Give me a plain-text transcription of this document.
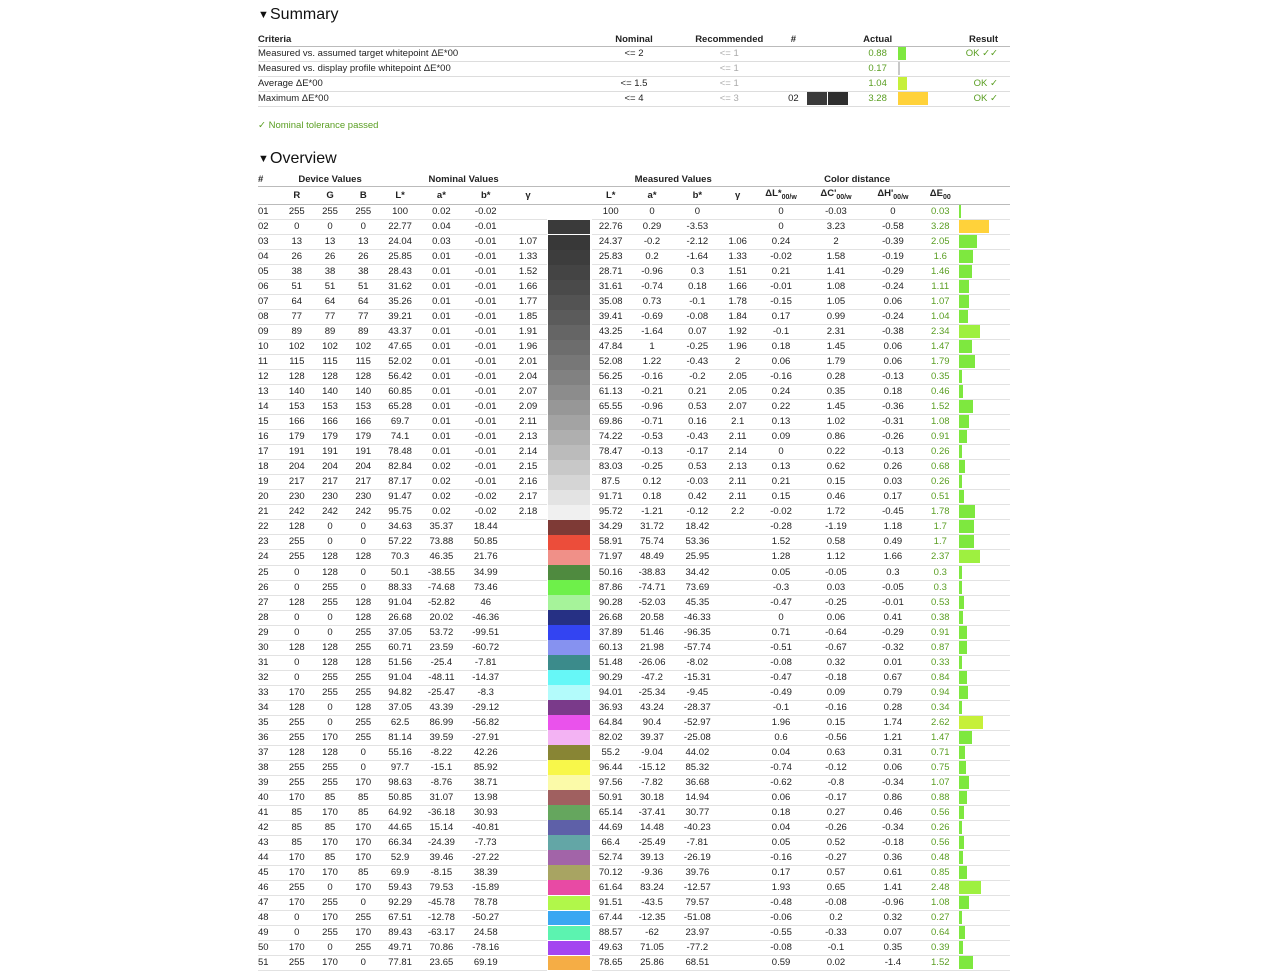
▼Summary
Criteria	Nominal	Recommended	#		Actual		Result
Measured vs. assumed target whitepoint ΔE*00	<= 2	<= 1			0.88		OK ✓✓
Measured vs. display profile whitepoint ΔE*00		<= 1			0.17		
Average ΔE*00	<= 1.5	<= 1			1.04		OK ✓
Maximum ΔE*00	<= 4	<= 3	02		3.28		OK ✓
✓ Nominal tolerance passed
▼Overview
#	Device Values			Nominal Values					Measured Values				Color distance				
	R	G	B	L*	a*	b*	γ		L*	a*	b*	γ	$\Delta L*_{00/w}$	$\Delta C'_{00/w}$	$\Delta H'_{00/w}$	$\Delta E_{00}$	
01	255	255	255	100	0.02	-0.02			100	0	0		0	-0.03	0	0.03	
02	0	0	0	22.77	0.04	-0.01			22.76	0.29	-3.53		0	3.23	-0.58	3.28	
03	13	13	13	24.04	0.03	-0.01	1.07		24.37	-0.2	-2.12	1.06	0.24	2	-0.39	2.05	
04	26	26	26	25.85	0.01	-0.01	1.33		25.83	0.2	-1.64	1.33	-0.02	1.58	-0.19	1.6	
05	38	38	38	28.43	0.01	-0.01	1.52		28.71	-0.96	0.3	1.51	0.21	1.41	-0.29	1.46	
06	51	51	51	31.62	0.01	-0.01	1.66		31.61	-0.74	0.18	1.66	-0.01	1.08	-0.24	1.11	
07	64	64	64	35.26	0.01	-0.01	1.77		35.08	0.73	-0.1	1.78	-0.15	1.05	0.06	1.07	
08	77	77	77	39.21	0.01	-0.01	1.85		39.41	-0.69	-0.08	1.84	0.17	0.99	-0.24	1.04	
09	89	89	89	43.37	0.01	-0.01	1.91		43.25	-1.64	0.07	1.92	-0.1	2.31	-0.38	2.34	
10	102	102	102	47.65	0.01	-0.01	1.96		47.84	1	-0.25	1.96	0.18	1.45	0.06	1.47	
11	115	115	115	52.02	0.01	-0.01	2.01		52.08	1.22	-0.43	2	0.06	1.79	0.06	1.79	
12	128	128	128	56.42	0.01	-0.01	2.04		56.25	-0.16	-0.2	2.05	-0.16	0.28	-0.13	0.35	
13	140	140	140	60.85	0.01	-0.01	2.07		61.13	-0.21	0.21	2.05	0.24	0.35	0.18	0.46	
14	153	153	153	65.28	0.01	-0.01	2.09		65.55	-0.96	0.53	2.07	0.22	1.45	-0.36	1.52	
15	166	166	166	69.7	0.01	-0.01	2.11		69.86	-0.71	0.16	2.1	0.13	1.02	-0.31	1.08	
16	179	179	179	74.1	0.01	-0.01	2.13		74.22	-0.53	-0.43	2.11	0.09	0.86	-0.26	0.91	
17	191	191	191	78.48	0.01	-0.01	2.14		78.47	-0.13	-0.17	2.14	0	0.22	-0.13	0.26	
18	204	204	204	82.84	0.02	-0.01	2.15		83.03	-0.25	0.53	2.13	0.13	0.62	0.26	0.68	
19	217	217	217	87.17	0.02	-0.01	2.16		87.5	0.12	-0.03	2.11	0.21	0.15	0.03	0.26	
20	230	230	230	91.47	0.02	-0.02	2.17		91.71	0.18	0.42	2.11	0.15	0.46	0.17	0.51	
21	242	242	242	95.75	0.02	-0.02	2.18		95.72	-1.21	-0.12	2.2	-0.02	1.72	-0.45	1.78	
22	128	0	0	34.63	35.37	18.44			34.29	31.72	18.42		-0.28	-1.19	1.18	1.7	
23	255	0	0	57.22	73.88	50.85			58.91	75.74	53.36		1.52	0.58	0.49	1.7	
24	255	128	128	70.3	46.35	21.76			71.97	48.49	25.95		1.28	1.12	1.66	2.37	
25	0	128	0	50.1	-38.55	34.99			50.16	-38.83	34.42		0.05	-0.05	0.3	0.3	
26	0	255	0	88.33	-74.68	73.46			87.86	-74.71	73.69		-0.3	0.03	-0.05	0.3	
27	128	255	128	91.04	-52.82	46			90.28	-52.03	45.35		-0.47	-0.25	-0.01	0.53	
28	0	0	128	26.68	20.02	-46.36			26.68	20.58	-46.33		0	0.06	0.41	0.38	
29	0	0	255	37.05	53.72	-99.51			37.89	51.46	-96.35		0.71	-0.64	-0.29	0.91	
30	128	128	255	60.71	23.59	-60.72			60.13	21.98	-57.74		-0.51	-0.67	-0.32	0.87	
31	0	128	128	51.56	-25.4	-7.81			51.48	-26.06	-8.02		-0.08	0.32	0.01	0.33	
32	0	255	255	91.04	-48.11	-14.37			90.29	-47.2	-15.31		-0.47	-0.18	0.67	0.84	
33	170	255	255	94.82	-25.47	-8.3			94.01	-25.34	-9.45		-0.49	0.09	0.79	0.94	
34	128	0	128	37.05	43.39	-29.12			36.93	43.24	-28.37		-0.1	-0.16	0.28	0.34	
35	255	0	255	62.5	86.99	-56.82			64.84	90.4	-52.97		1.96	0.15	1.74	2.62	
36	255	170	255	81.14	39.59	-27.91			82.02	39.37	-25.08		0.6	-0.56	1.21	1.47	
37	128	128	0	55.16	-8.22	42.26			55.2	-9.04	44.02		0.04	0.63	0.31	0.71	
38	255	255	0	97.7	-15.1	85.92			96.44	-15.12	85.32		-0.74	-0.12	0.06	0.75	
39	255	255	170	98.63	-8.76	38.71			97.56	-7.82	36.68		-0.62	-0.8	-0.34	1.07	
40	170	85	85	50.85	31.07	13.98			50.91	30.18	14.94		0.06	-0.17	0.86	0.88	
41	85	170	85	64.92	-36.18	30.93			65.14	-37.41	30.77		0.18	0.27	0.46	0.56	
42	85	85	170	44.65	15.14	-40.81			44.69	14.48	-40.23		0.04	-0.26	-0.34	0.26	
43	85	170	170	66.34	-24.39	-7.73			66.4	-25.49	-7.81		0.05	0.52	-0.18	0.56	
44	170	85	170	52.9	39.46	-27.22			52.74	39.13	-26.19		-0.16	-0.27	0.36	0.48	
45	170	170	85	69.9	-8.15	38.39			70.12	-9.36	39.76		0.17	0.57	0.61	0.85	
46	255	0	170	59.43	79.53	-15.89			61.64	83.24	-12.57		1.93	0.65	1.41	2.48	
47	170	255	0	92.29	-45.78	78.78			91.51	-43.5	79.57		-0.48	-0.08	-0.96	1.08	
48	0	170	255	67.51	-12.78	-50.27			67.44	-12.35	-51.08		-0.06	0.2	0.32	0.27	
49	0	255	170	89.43	-63.17	24.58			88.57	-62	23.97		-0.55	-0.33	0.07	0.64	
50	170	0	255	49.71	70.86	-78.16			49.63	71.05	-77.2		-0.08	-0.1	0.35	0.39	
51	255	170	0	77.81	23.65	69.19			78.65	25.86	68.51		0.59	0.02	-1.4	1.52	
